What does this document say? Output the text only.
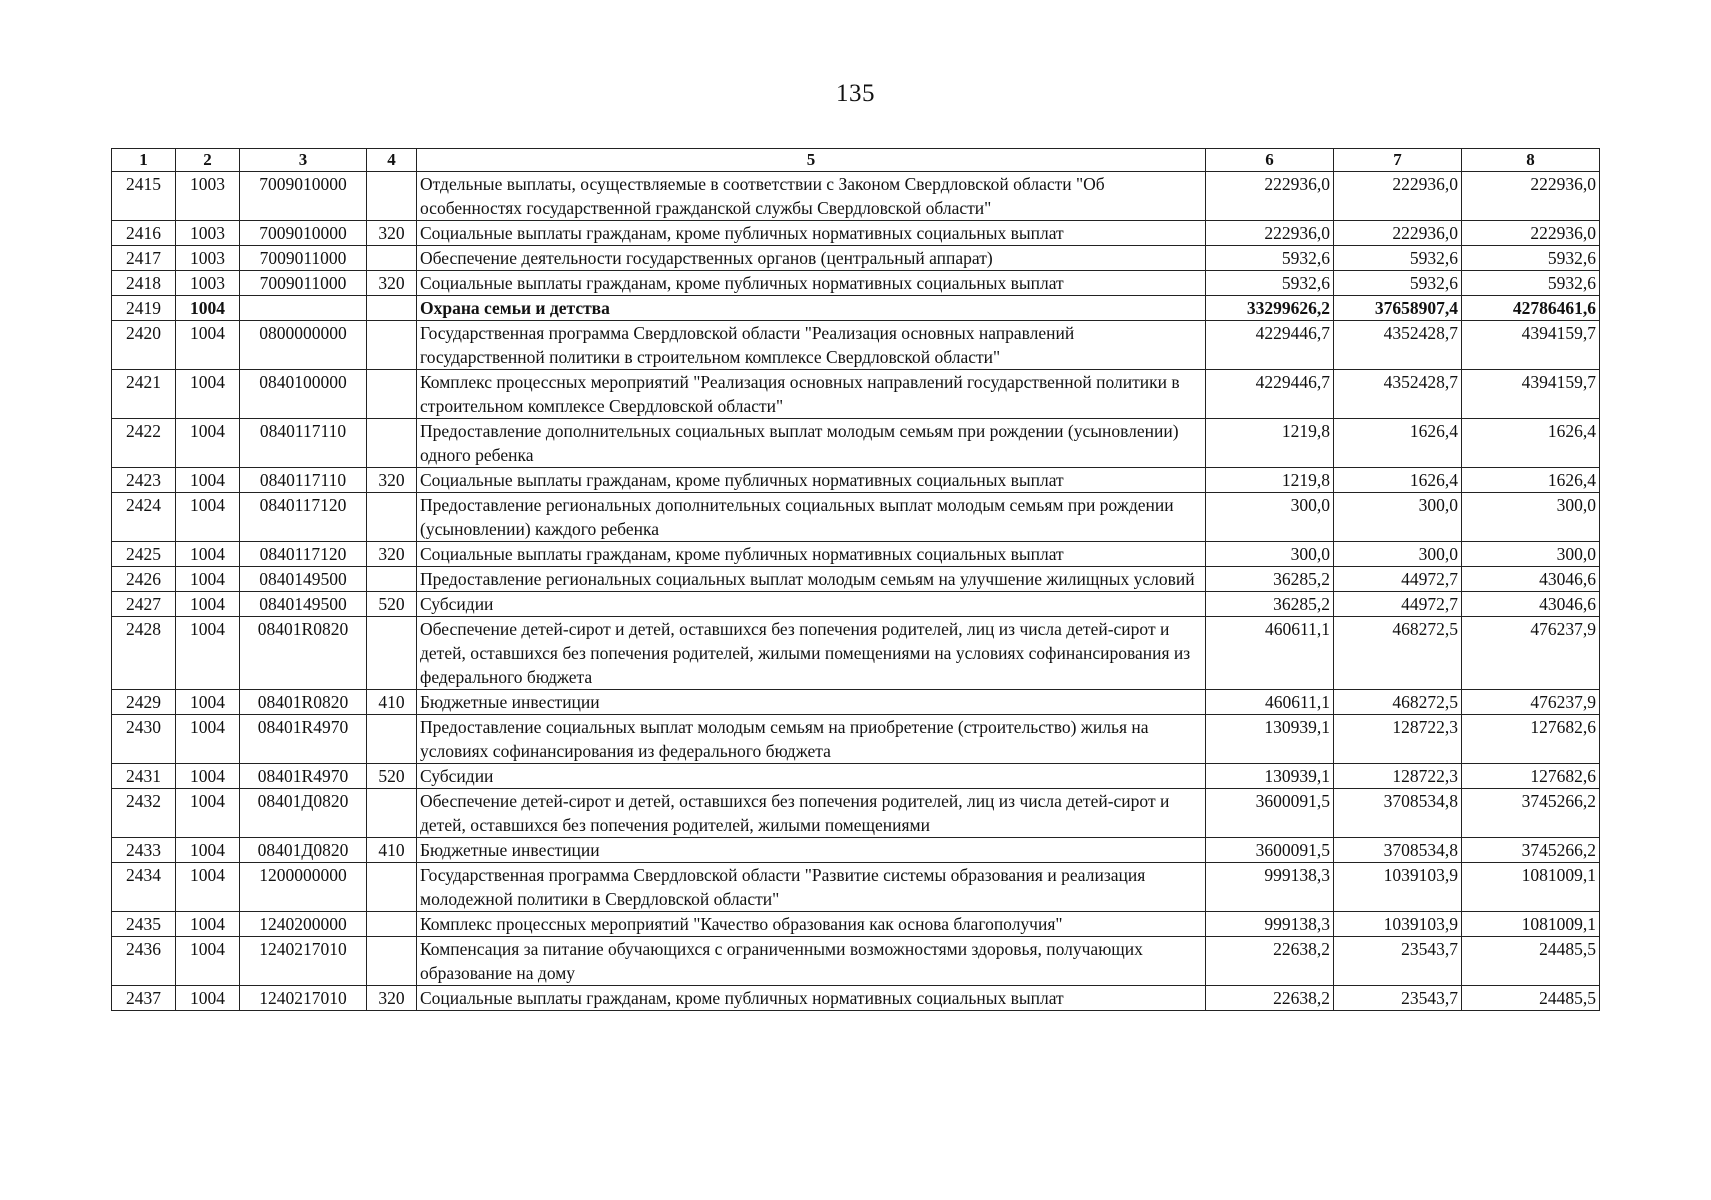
135
1	2	3	4	5	6	7	8
2415	1003	7009010000		Отдельные выплаты, осуществляемые в соответствии с Законом Свердловской области "Об особенностях государственной гражданской службы Свердловской области"	222936,0	222936,0	222936,0
2416	1003	7009010000	320	Социальные выплаты гражданам, кроме публичных нормативных социальных выплат	222936,0	222936,0	222936,0
2417	1003	7009011000		Обеспечение деятельности государственных органов (центральный аппарат)	5932,6	5932,6	5932,6
2418	1003	7009011000	320	Социальные выплаты гражданам, кроме публичных нормативных социальных выплат	5932,6	5932,6	5932,6
2419	1004			Охрана семьи и детства	33299626,2	37658907,4	42786461,6
2420	1004	0800000000		Государственная программа Свердловской области "Реализация основных направлений государственной политики в строительном комплексе Свердловской области"	4229446,7	4352428,7	4394159,7
2421	1004	0840100000		Комплекс процессных мероприятий "Реализация основных направлений государственной политики в строительном комплексе Свердловской области"	4229446,7	4352428,7	4394159,7
2422	1004	0840117110		Предоставление дополнительных социальных выплат молодым семьям при рождении (усыновлении) одного ребенка	1219,8	1626,4	1626,4
2423	1004	0840117110	320	Социальные выплаты гражданам, кроме публичных нормативных социальных выплат	1219,8	1626,4	1626,4
2424	1004	0840117120		Предоставление региональных дополнительных социальных выплат молодым семьям при рождении (усыновлении) каждого ребенка	300,0	300,0	300,0
2425	1004	0840117120	320	Социальные выплаты гражданам, кроме публичных нормативных социальных выплат	300,0	300,0	300,0
2426	1004	0840149500		Предоставление региональных социальных выплат молодым семьям на улучшение жилищных условий	36285,2	44972,7	43046,6
2427	1004	0840149500	520	Субсидии	36285,2	44972,7	43046,6
2428	1004	08401R0820		Обеспечение детей-сирот и детей, оставшихся без попечения родителей, лиц из числа детей-сирот и детей, оставшихся без попечения родителей, жилыми помещениями на условиях софинансирования из федерального бюджета	460611,1	468272,5	476237,9
2429	1004	08401R0820	410	Бюджетные инвестиции	460611,1	468272,5	476237,9
2430	1004	08401R4970		Предоставление социальных выплат молодым семьям на приобретение (строительство) жилья на условиях софинансирования из федерального бюджета	130939,1	128722,3	127682,6
2431	1004	08401R4970	520	Субсидии	130939,1	128722,3	127682,6
2432	1004	08401Д0820		Обеспечение детей-сирот и детей, оставшихся без попечения родителей, лиц из числа детей-сирот и детей, оставшихся без попечения родителей, жилыми помещениями	3600091,5	3708534,8	3745266,2
2433	1004	08401Д0820	410	Бюджетные инвестиции	3600091,5	3708534,8	3745266,2
2434	1004	1200000000		Государственная программа Свердловской области "Развитие системы образования и реализация молодежной политики в Свердловской области"	999138,3	1039103,9	1081009,1
2435	1004	1240200000		Комплекс процессных мероприятий "Качество образования как основа благополучия"	999138,3	1039103,9	1081009,1
2436	1004	1240217010		Компенсация за питание обучающихся с ограниченными возможностями здоровья, получающих образование на дому	22638,2	23543,7	24485,5
2437	1004	1240217010	320	Социальные выплаты гражданам, кроме публичных нормативных социальных выплат	22638,2	23543,7	24485,5
